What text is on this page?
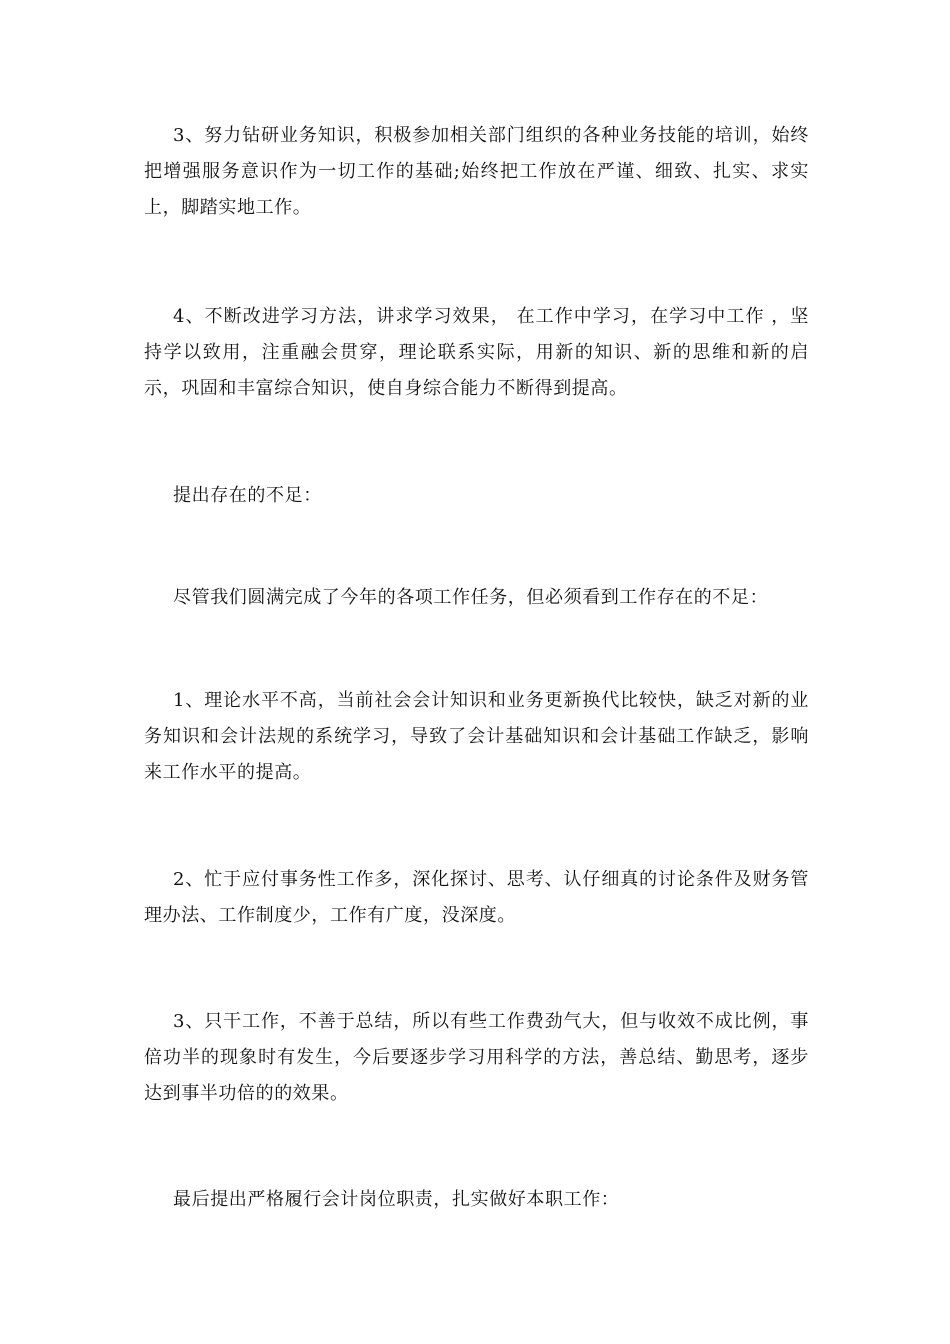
3、努力钻研业务知识，积极参加相关部门组织的各种业务技能的培训，始终把增强服务意识作为一切工作的基础;始终把工作放在严谨、细致、扎实、求实上，脚踏实地工作。

4、不断改进学习方法，讲求学习效果， 在工作中学习，在学习中工作 ，坚持学以致用，注重融会贯穿，理论联系实际，用新的知识、新的思维和新的启示，巩固和丰富综合知识，使自身综合能力不断得到提高。

提出存在的不足：

尽管我们圆满完成了今年的各项工作任务，但必须看到工作存在的不足：

1、理论水平不高，当前社会会计知识和业务更新换代比较快，缺乏对新的业务知识和会计法规的系统学习，导致了会计基础知识和会计基础工作缺乏，影响来工作水平的提高。

2、忙于应付事务性工作多，深化探讨、思考、认仔细真的讨论条件及财务管理办法、工作制度少，工作有广度，没深度。

3、只干工作，不善于总结，所以有些工作费劲气大，但与收效不成比例，事倍功半的现象时有发生，今后要逐步学习用科学的方法，善总结、勤思考，逐步达到事半功倍的的效果。

最后提出严格履行会计岗位职责，扎实做好本职工作：
